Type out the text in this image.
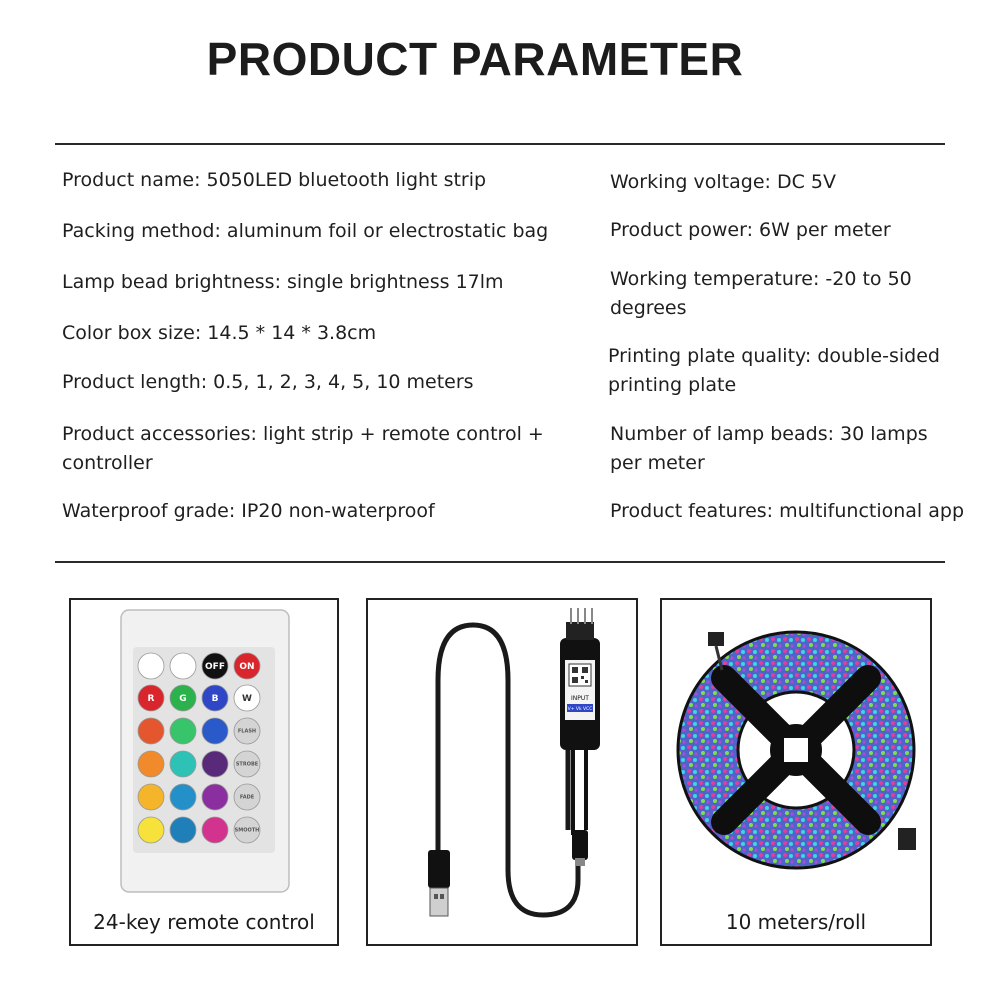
PRODUCT PARAMETER
Product name: 5050LED bluetooth light strip
Packing method: aluminum foil or electrostatic bag
Lamp bead brightness: single brightness 17lm
Color box size: 14.5 * 14 * 3.8cm
Product length: 0.5, 1, 2, 3, 4, 5, 10 meters
Product accessories: light strip + remote control + controller
Waterproof grade: IP20 non-waterproof
Working voltage: DC 5V
Product power: 6W per meter
Working temperature: -20 to 50 degrees
Printing plate quality: double-sided printing plate
Number of lamp beads: 30 lamps per meter
Product features: multifunctional app
OFF ON
R	G	B	W
FLASH
STROBE
FADE
SMOOTH
24-key remote control
INPUT
V+ Vk VCC
10 meters/roll
